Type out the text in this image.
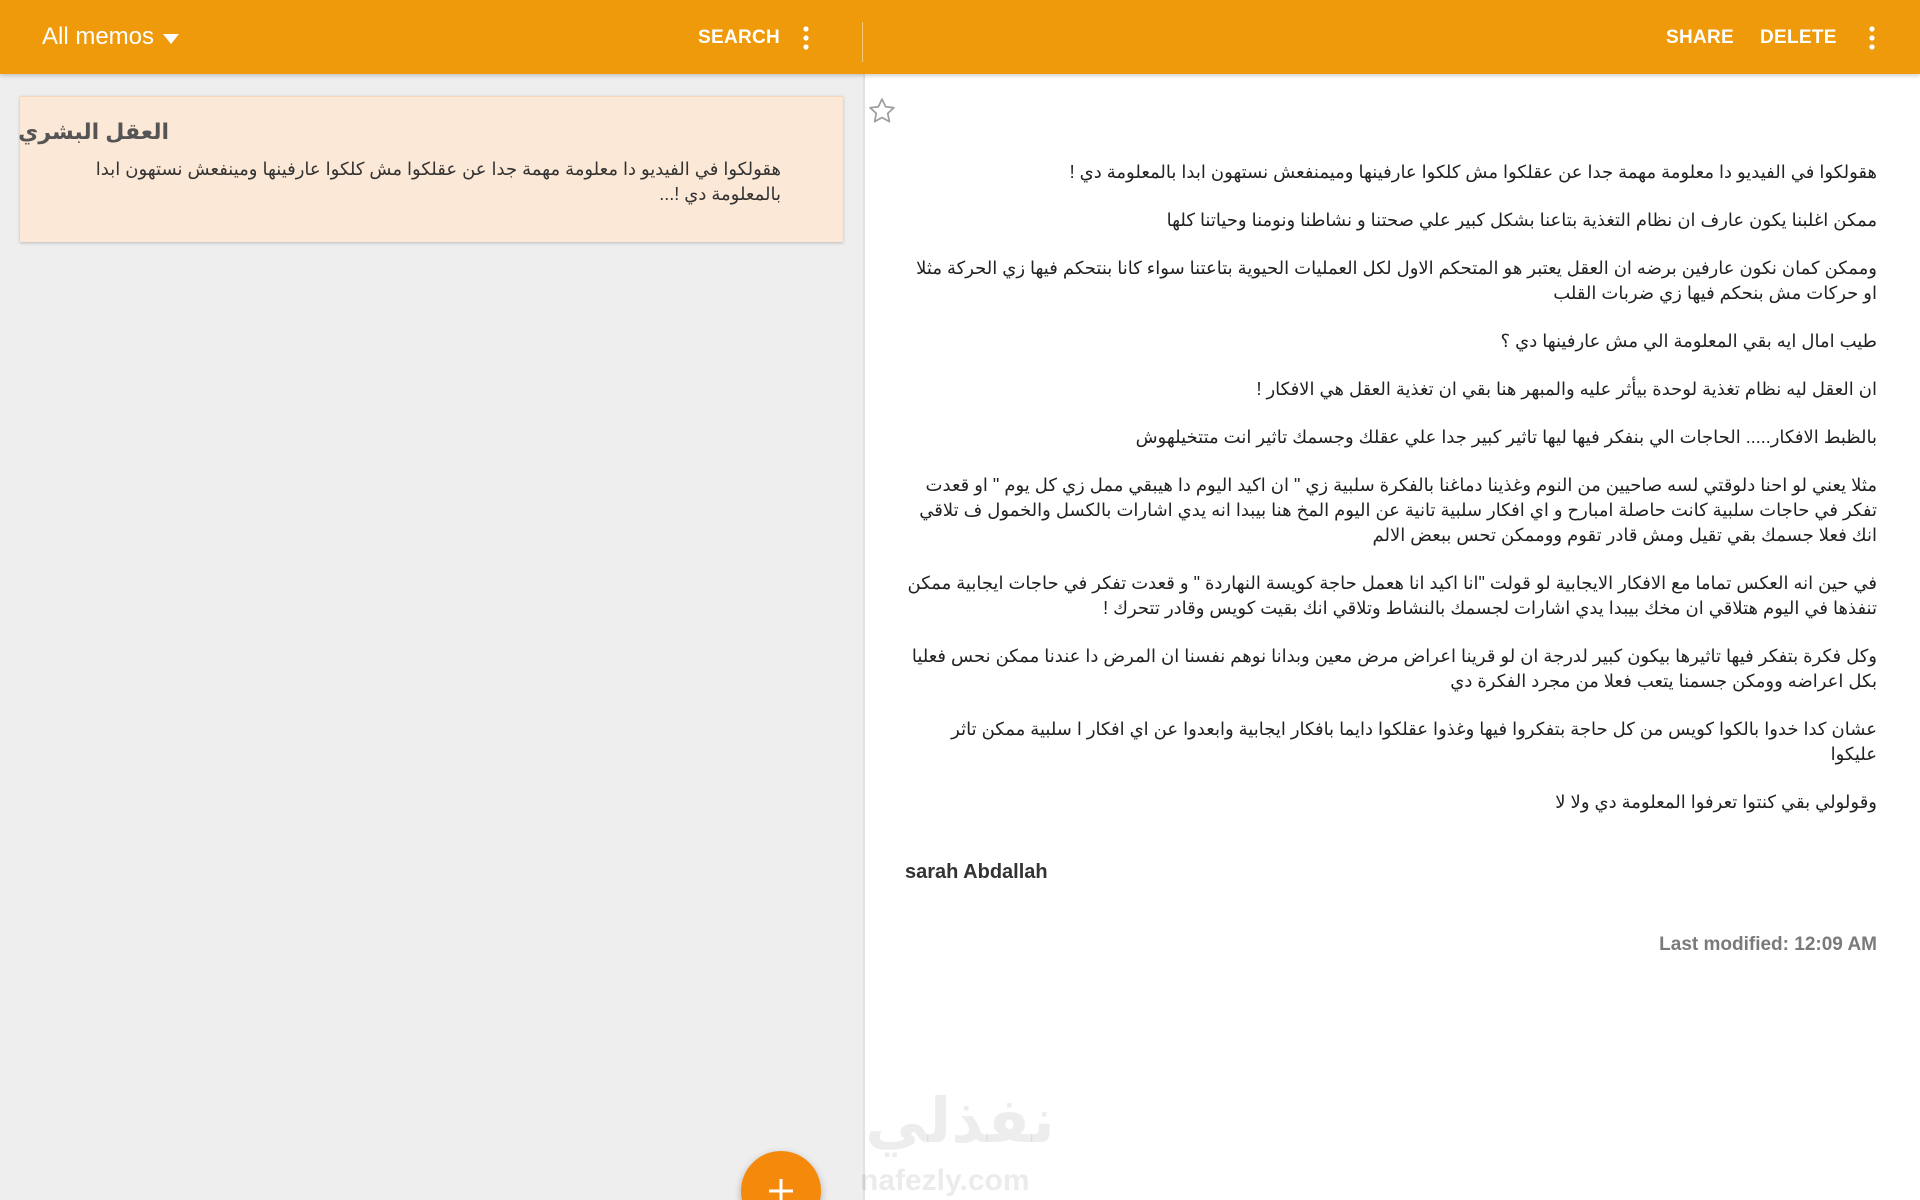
All memos	SEARCH	SHARE DELETE
العقل البشري
هقولكوا في الفيديو دا معلومة مهمة جدا عن عقلكوا مش كلكوا عارفينها ومينفعش نستهون ابدا بالمعلومة دي !...

هقولكوا في الفيديو دا معلومة مهمة جدا عن عقلكوا مش كلكوا عارفينها وميمنفعش نستهون ابدا بالمعلومة دي !

ممكن اغلبنا يكون عارف ان نظام التغذية بتاعنا بشكل كبير علي صحتنا و نشاطنا ونومنا وحياتنا كلها

وممكن كمان نكون عارفين برضه ان العقل يعتبر هو المتحكم الاول لكل العمليات الحيوية بتاعتنا سواء كانا بنتحكم فيها زي الحركة مثلا او حركات مش بنحكم فيها زي ضربات القلب

طيب امال ايه بقي المعلومة الي مش عارفينها دي ؟

ان العقل ليه نظام تغذية لوحدة بيأثر عليه والمبهر هنا بقي ان تغذية العقل هي الافكار !

بالظبط الافكار..... الحاجات الي بنفكر فيها ليها تاثير كبير جدا علي عقلك وجسمك تاثير انت متتخيلهوش

مثلا يعني لو احنا دلوقتي لسه صاحيين من النوم وغذينا دماغنا بالفكرة سلبية زي " ان اكيد اليوم دا هيبقي ممل زي كل يوم " او قعدت تفكر في حاجات سلبية كانت حاصلة امبارح و اي افكار سلبية تانية عن اليوم المخ هنا بيبدا انه يدي اشارات بالكسل والخمول ف تلاقي انك فعلا جسمك بقي تقيل ومش قادر تقوم ووممكن تحس ببعض الالم

في حين انه العكس تماما مع الافكار الايجابية لو قولت "انا اكيد انا هعمل حاجة كويسة النهاردة " و قعدت تفكر في حاجات ايجابية ممكن تنفذها في اليوم هتلاقي ان مخك بيبدا يدي اشارات لجسمك بالنشاط وتلاقي انك بقيت كويس وقادر تتحرك !

وكل فكرة بتفكر فيها تاثيرها بيكون كبير لدرجة ان لو قرينا اعراض مرض معين وبدانا نوهم نفسنا ان المرض دا عندنا ممكن نحس فعليا بكل اعراضه وومكن جسمنا يتعب فعلا من مجرد الفكرة دي

عشان كدا خدوا بالكوا كويس من كل حاجة بتفكروا فيها وغذوا عقلكوا دايما بافكار ايجابية وابعدوا عن اي افكار ا سلبية ممكن تاثر عليكوا

وقولولي بقي كنتوا تعرفوا المعلومة دي ولا لا

sarah Abdallah
Last modified: 12:09 AM
